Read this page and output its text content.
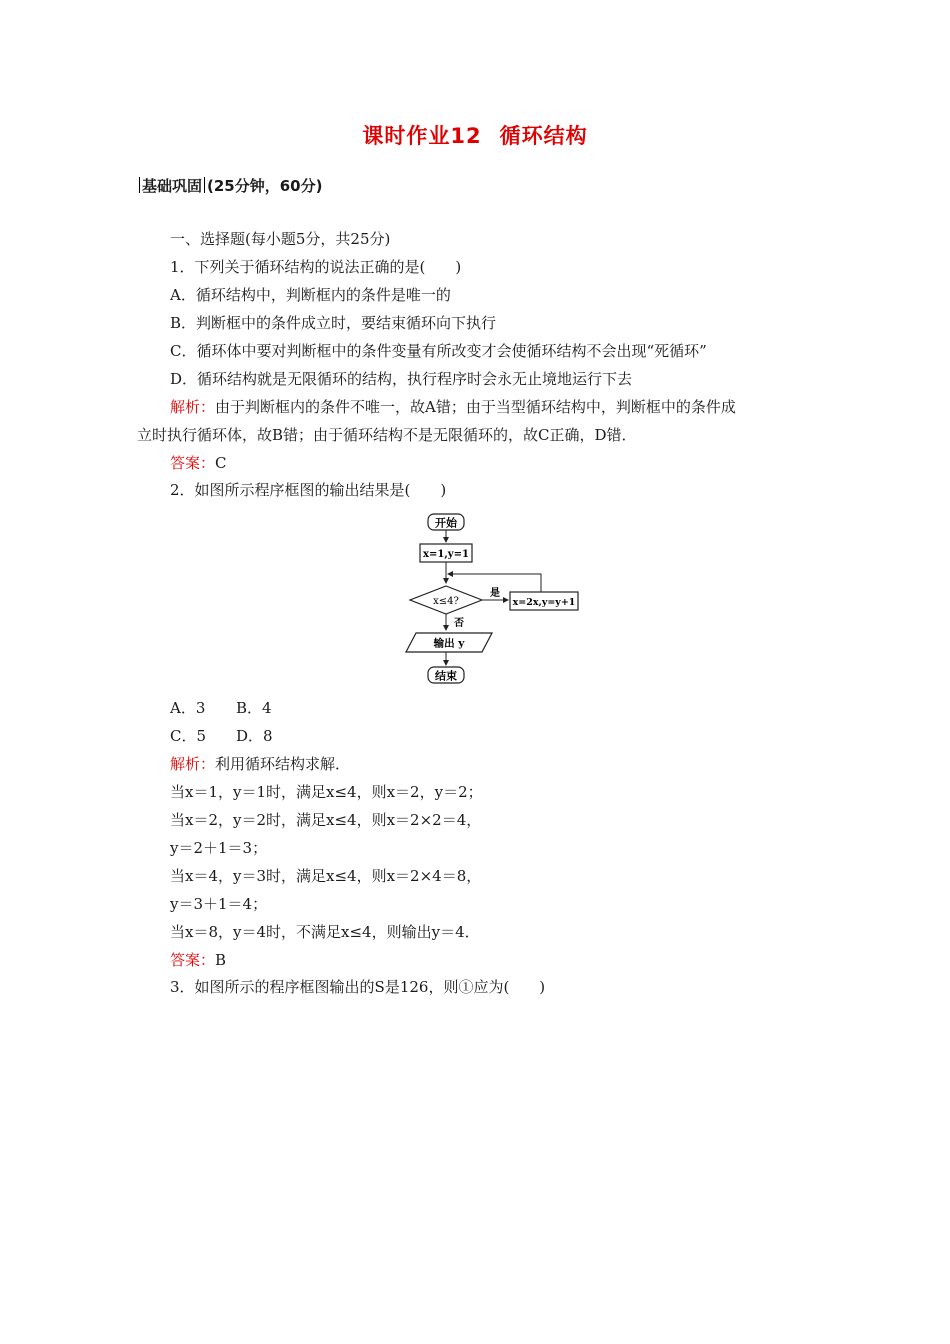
课时作业12 循环结构
基础巩固 (25分钟，60分)
一、选择题(每小题5分，共25分)
1．下列关于循环结构的说法正确的是(　　)
A．循环结构中，判断框内的条件是唯一的
B．判断框中的条件成立时，要结束循环向下执行
C．循环体中要对判断框中的条件变量有所改变才会使循环结构不会出现“死循环”
D．循环结构就是无限循环的结构，执行程序时会永无止境地运行下去
解析：由于判断框内的条件不唯一，故A错；由于当型循环结构中，判断框中的条件成
立时执行循环体，故B错；由于循环结构不是无限循环的，故C正确，D错．
答案：C
2．如图所示程序框图的输出结果是(　　)
开始
x=1,y=1
x≤4?
是
x=2x,y=y+1
否
输出 y
结束
A．3 B．4
C．5 D．8
解析：利用循环结构求解．
当x＝1，y＝1时，满足x≤4，则x＝2，y＝2；
当x＝2，y＝2时，满足x≤4，则x＝2×2＝4，
y＝2＋1＝3；
当x＝4，y＝3时，满足x≤4，则x＝2×4＝8，
y＝3＋1＝4；
当x＝8，y＝4时，不满足x≤4，则输出y＝4．
答案：B
3．如图所示的程序框图输出的S是126，则①应为(　　)
